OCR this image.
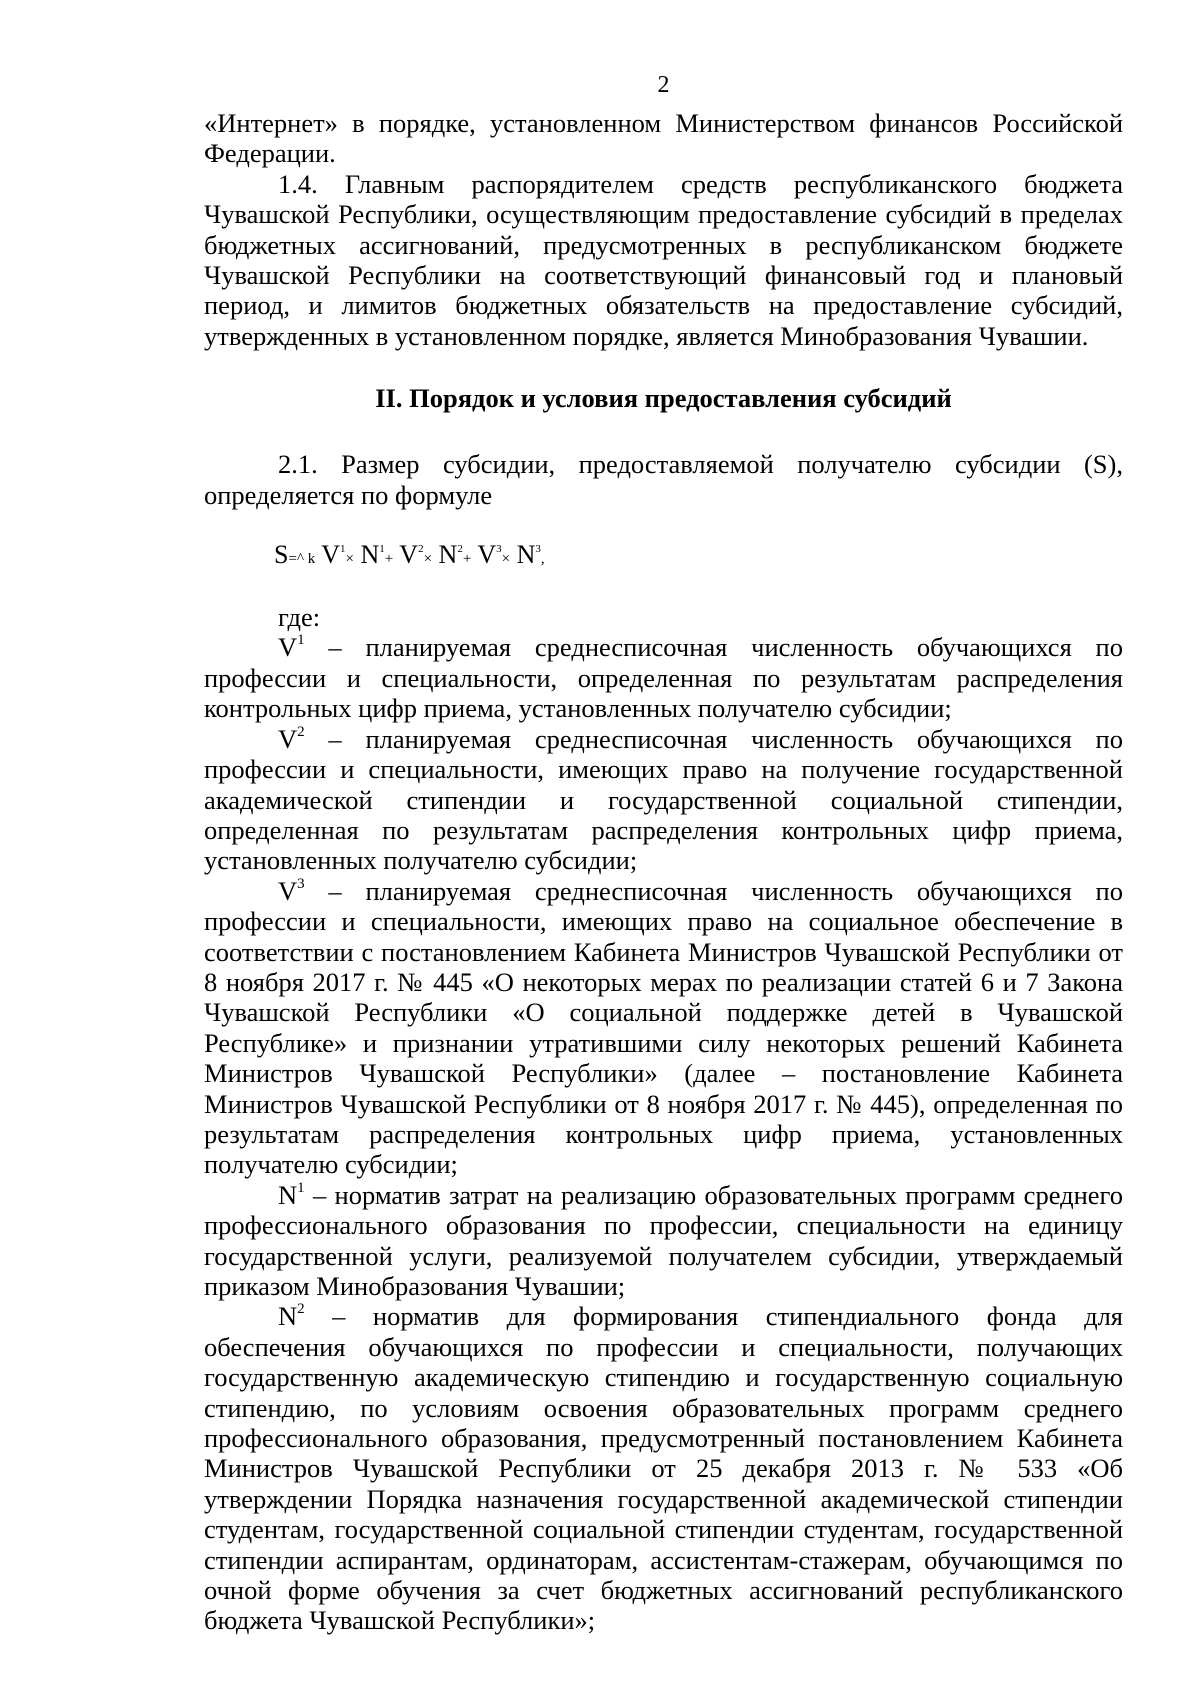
2

«Интернет» в порядке, установленном Министерством финансов Российской Федерации.

1.4. Главным распорядителем средств республиканского бюджета Чувашской Республики, осуществляющим предоставление субсидий в пределах бюджетных ассигнований, предусмотренных в республиканском бюджете Чувашской Республики на соответствующий финансовый год и плановый период, и лимитов бюджетных обязательств на предоставление субсидий, утвержденных в установленном порядке, является Минобразования Чувашии.

II. Порядок и условия предоставления субсидий

2.1. Размер субсидии, предоставляемой получателю субсидии (S), определяется по формуле

S=^ k $V^1\times N^1+ V^2\times N^2+ V^3\times N^3$,

где:

$V^1$ – планируемая среднесписочная численность обучающихся по профессии и специальности, определенная по результатам распределения контрольных цифр приема, установленных получателю субсидии;

$V^2$ – планируемая среднесписочная численность обучающихся по профессии и специальности, имеющих право на получение государственной академической стипендии и государственной социальной стипендии, определенная по результатам распределения контрольных цифр приема, установленных получателю субсидии;

$V^3$ – планируемая среднесписочная численность обучающихся по профессии и специальности, имеющих право на социальное обеспечение в соответствии с постановлением Кабинета Министров Чувашской Республики от 8 ноября 2017 г. № 445 «О некоторых мерах по реализации статей 6 и 7 Закона Чувашской Республики «О социальной поддержке детей в Чувашской Республике» и признании утратившими силу некоторых решений Кабинета Министров Чувашской Республики» (далее – постановление Кабинета Министров Чувашской Республики от 8 ноября 2017 г. № 445), определенная по результатам распределения контрольных цифр приема, установленных получателю субсидии;

$N^1$ – норматив затрат на реализацию образовательных программ среднего профессионального образования по профессии, специальности на единицу государственной услуги, реализуемой получателем субсидии, утверждаемый приказом Минобразования Чувашии;

$N^2$ – норматив для формирования стипендиального фонда для обеспечения обучающихся по профессии и специальности, получающих государственную академическую стипендию и государственную социальную стипендию, по условиям освоения образовательных программ среднего профессионального образования, предусмотренный постановлением Кабинета Министров Чувашской Республики от 25 декабря 2013 г. № 533 «Об утверждении Порядка назначения государственной академической стипендии студентам, государственной социальной стипендии студентам, государственной стипендии аспирантам, ординаторам, ассистентам-стажерам, обучающимся по очной форме обучения за счет бюджетных ассигнований республиканского бюджета Чувашской Республики»;
